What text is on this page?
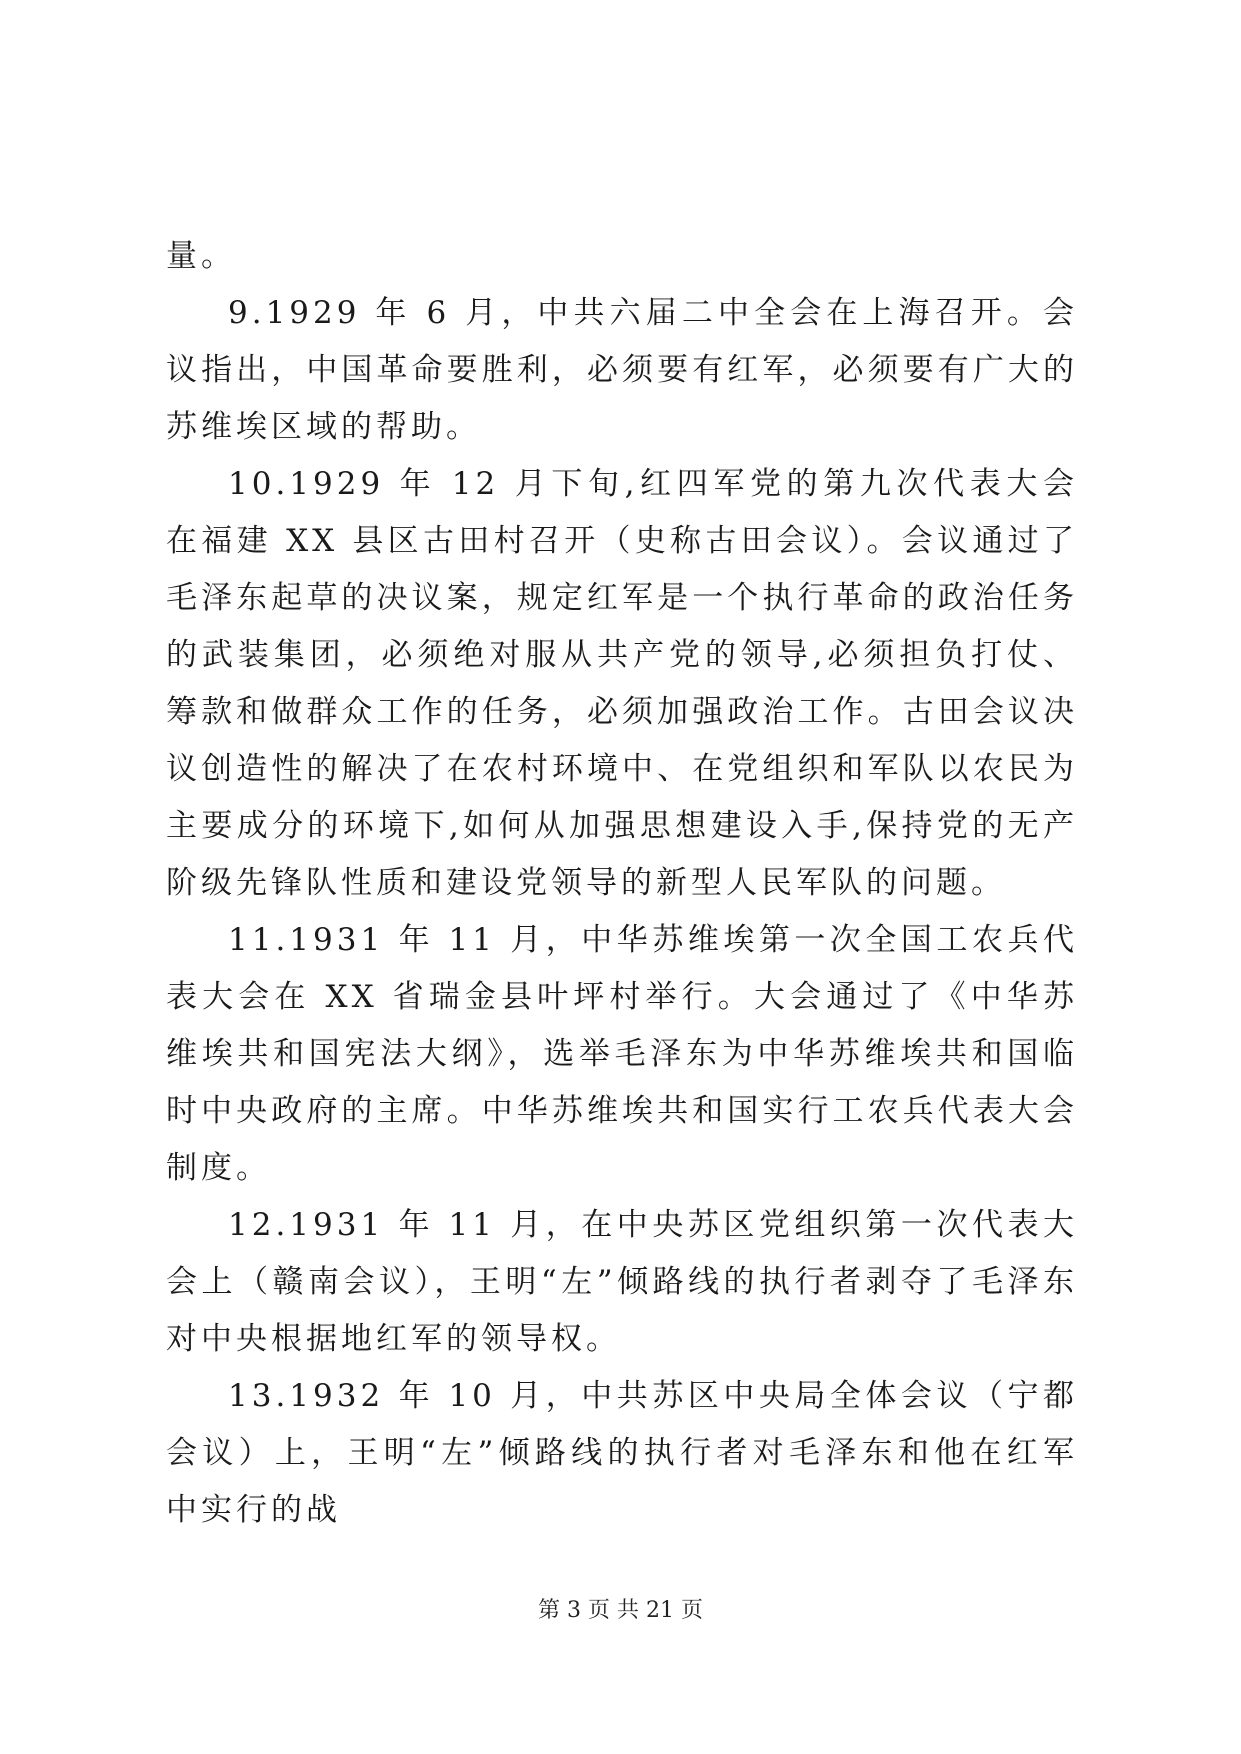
量。

9.1929 年 6 月，中共六届二中全会在上海召开。会议指出，中国革命要胜利，必须要有红军，必须要有广大的苏维埃区域的帮助。

10.1929 年 12 月下旬,红四军党的第九次代表大会在福建 XX 县区古田村召开（史称古田会议）。会议通过了毛泽东起草的决议案，规定红军是一个执行革命的政治任务的武装集团，必须绝对服从共产党的领导,必须担负打仗、筹款和做群众工作的任务，必须加强政治工作。古田会议决议创造性的解决了在农村环境中、在党组织和军队以农民为主要成分的环境下,如何从加强思想建设入手,保持党的无产阶级先锋队性质和建设党领导的新型人民军队的问题。

11.1931 年 11 月，中华苏维埃第一次全国工农兵代表大会在 XX 省瑞金县叶坪村举行。大会通过了《中华苏维埃共和国宪法大纲》，选举毛泽东为中华苏维埃共和国临时中央政府的主席。中华苏维埃共和国实行工农兵代表大会制度。

12.1931 年 11 月，在中央苏区党组织第一次代表大会上（赣南会议），王明“左”倾路线的执行者剥夺了毛泽东对中央根据地红军的领导权。

13.1932 年 10 月，中共苏区中央局全体会议（宁都会议）上，王明“左”倾路线的执行者对毛泽东和他在红军中实行的战

第 3 页 共 21 页
